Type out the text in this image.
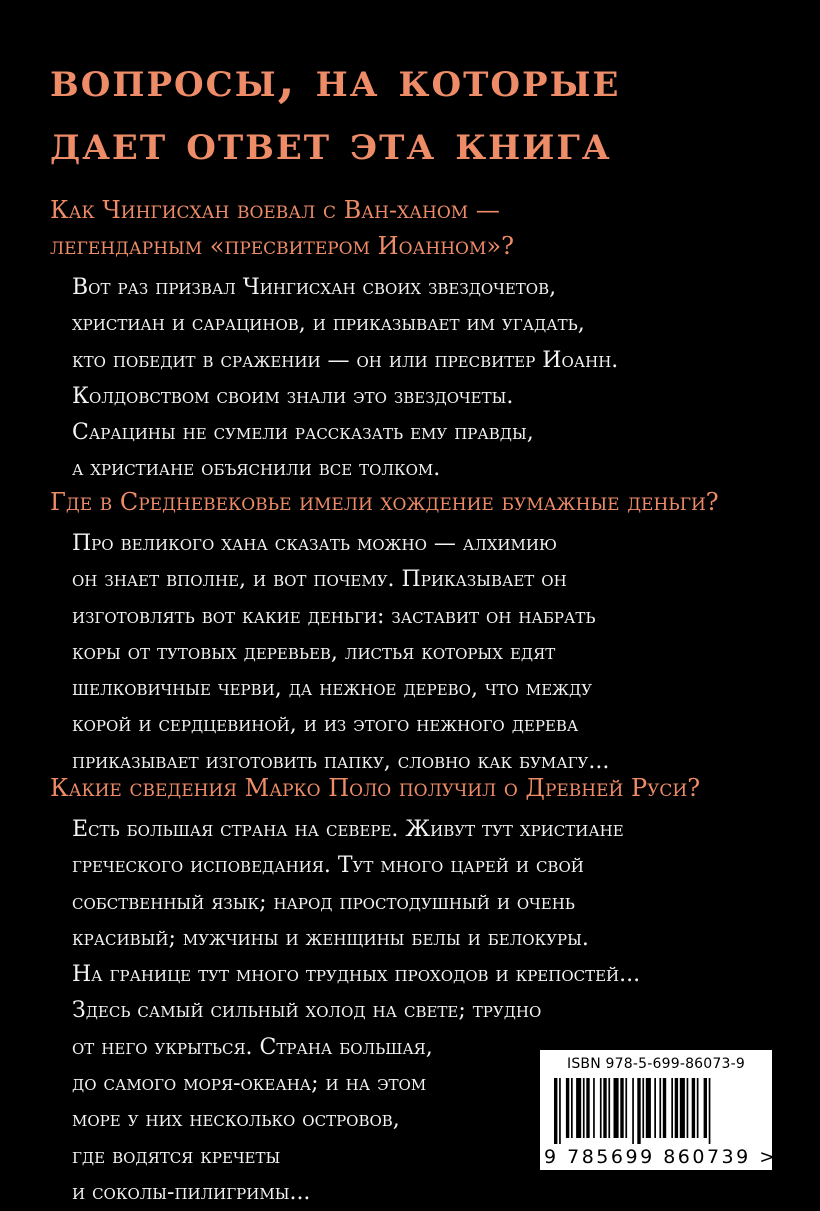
вопросы, на которые
дает ответ эта книга

Как Чингисхан воевал с Ван-ханом —
легендарным «пресвитером Иоанном»?

Вот раз призвал Чингисхан своих звездочетов,
христиан и сарацинов, и приказывает им угадать,
кто победит в сражении — он или пресвитер Иоанн.
Колдовством своим знали это звездочеты.
Сарацины не сумели рассказать ему правды,
а христиане объяснили все толком.

Где в Средневековье имели хождение бумажные деньги?

Про великого хана сказать можно — алхимию
он знает вполне, и вот почему. Приказывает он
изготовлять вот какие деньги: заставит он набрать
коры от тутовых деревьев, листья которых едят
шелковичные черви, да нежное дерево, что между
корой и сердцевиной, и из этого нежного дерева
приказывает изготовить папку, словно как бумагу...

Какие сведения Марко Поло получил о Древней Руси?

Есть большая страна на севере. Живут тут христиане
греческого исповедания. Тут много царей и свой
собственный язык; народ простодушный и очень
красивый; мужчины и женщины белы и белокуры.
На границе тут много трудных проходов и крепостей...
Здесь самый сильный холод на свете; трудно
от него укрыться. Страна большая,
до самого моря-океана; и на этом
море у них несколько островов,
где водятся кречеты
и соколы-пилигримы...
ISBN 978-5-699-86073-9
9 785699 860739 >
